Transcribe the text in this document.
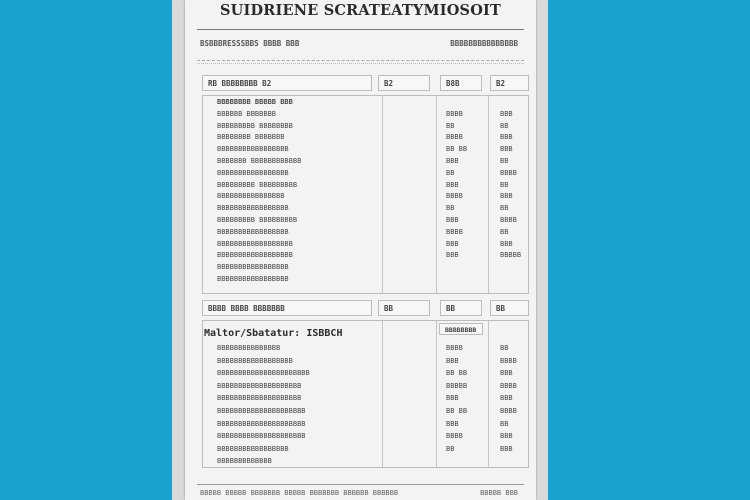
SUIDRIENE SCRATEATYMIOSOIT
BSBBBRESSSBBS BBBB BBB	BBBBBBBBBBBBBBB
RB BBBBBBBB B2	B2	B8B	B2
BBBBBBBB BBBBB BBB
BBBBBB BBBBBBB	BBBB	BBB
BBBBBBBBB BBBBBBBB	BB	BB
BBBBBBBB BBBBBBB	BBBB	BBB
BBBBBBBBBBBBBBBBB	BB BB	BBB
BBBBBBB BBBBBBBBBBBB	BBB	BB
BBBBBBBBBBBBBBBBB	BB	BBBB
BBBBBBBBB BBBBBBBBB	BBB	BB
BBBBBBBBBBBBBBBB	BBBB	BBB
BBBBBBBBBBBBBBBBB	BB	BB
BBBBBBBBB BBBBBBBBB	BBB	BBBB
BBBBBBBBBBBBBBBBB	BBBB	BB
BBBBBBBBBBBBBBBBBB	BBB	BBB
BBBBBBBBBBBBBBBBBB	BBB	BBBBB
BBBBBBBBBBBBBBBBB
BBBBBBBBBBBBBBBBB
BBBB BBBB BBBBBBB	BB	BB	BB
Maltor/Sbatatur: ISBBCH	BBBBBBBB
BBBBBBBBBBBBBBB	BBBB	BB
BBBBBBBBBBBBBBBBBB	BBB	BBBB
BBBBBBBBBBBBBBBBBBBBBB	BB BB	BBB
BBBBBBBBBBBBBBBBBBBB	BBBBB	BBBB
BBBBBBBBBBBBBBBBBBBB	BBB	BBB
BBBBBBBBBBBBBBBBBBBBB	BB BB	BBBB
BBBBBBBBBBBBBBBBBBBBB	BBB	BB
BBBBBBBBBBBBBBBBBBBBB	BBBB	BBB
BBBBBBBBBBBBBBBBB	BB	BBB
BBBBBBBBBBBBB
BBBBB BBBBB BBBBBBB BBBBB BBBBBBB BBBBBB BBBBBB	BBBBB BBB
